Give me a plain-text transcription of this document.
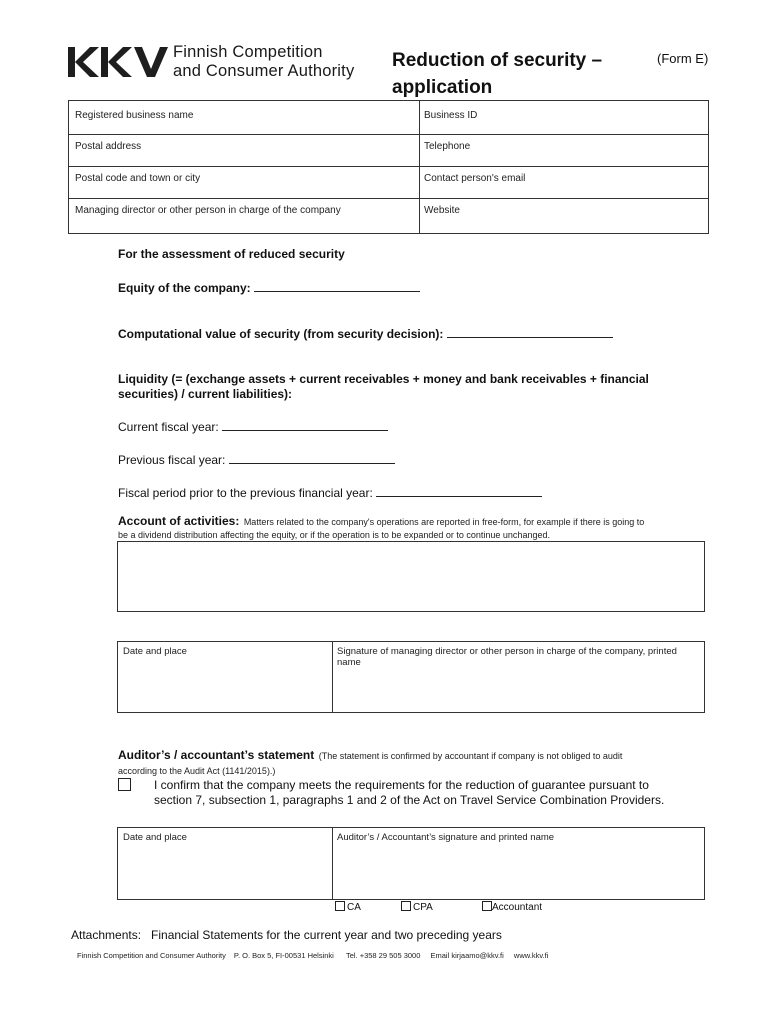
Finnish Competition
and Consumer Authority Reduction of security –
application
(Form E)
Registered business name	Business ID
Postal address	Telephone
Postal code and town or city	Contact person's email
Managing director or other person in charge of the company	Website
For the assessment of reduced security
Equity of the company:
Computational value of security (from security decision):
Liquidity (= (exchange assets + current receivables + money and bank receivables + financial
securities) / current liabilities):
Current fiscal year:
Previous fiscal year:
Fiscal period prior to the previous financial year:
Account of activities: Matters related to the company's operations are reported in free-form, for example if there is going to
be a dividend distribution affecting the equity, or if the operation is to be expanded or to continue unchanged.
Date and place	Signature of managing director or other person in charge of the company, printed
name
Auditor’s / accountant’s statement (The statement is confirmed by accountant if company is not obliged to audit
according to the Audit Act (1141/2015).)
I confirm that the company meets the requirements for the reduction of guarantee pursuant to
section 7, subsection 1, paragraphs 1 and 2 of the Act on Travel Service Combination Providers.
Date and place	Auditor’s / Accountant’s signature and printed name
CA	CPA	Accountant
Attachments:   Financial Statements for the current year and two preceding years
Finnish Competition and Consumer Authority P. O. Box 5, FI-00531 Helsinki Tel. +358 29 505 3000 Email kirjaamo@kkv.fi www.kkv.fi
